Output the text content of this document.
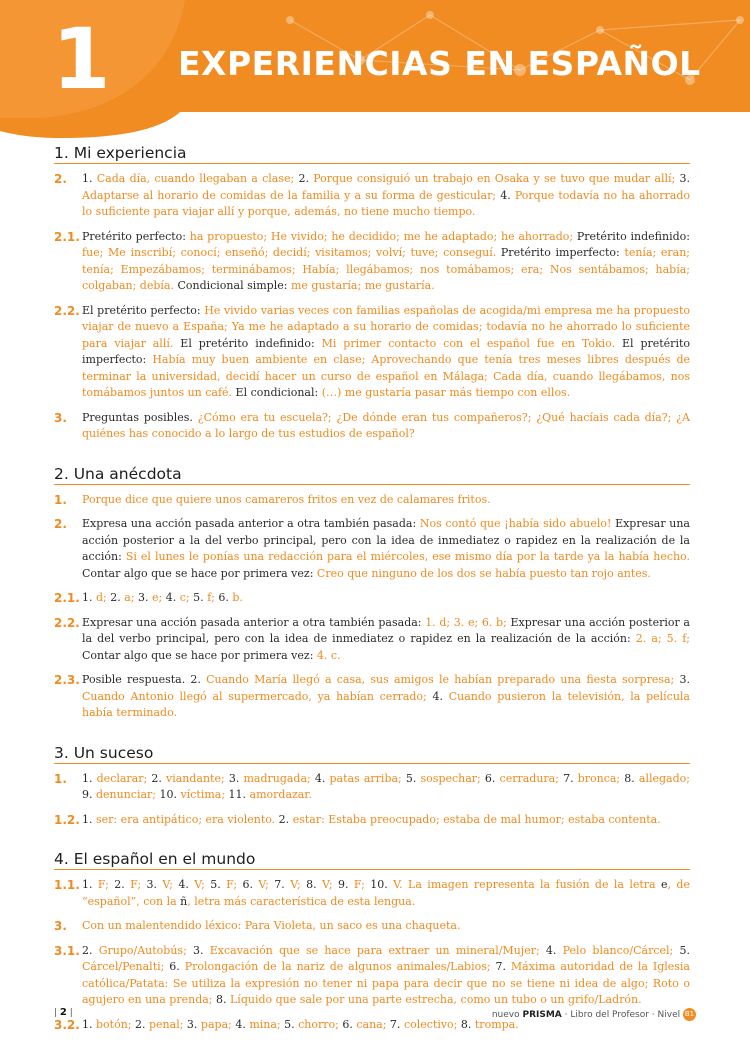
1 EXPERIENCIAS EN ESPAÑOL
1. Mi experiencia
2.	1. Cada día, cuando llegaban a clase; 2. Porque consiguió un trabajo en Osaka y se tuvo que mudar allí; 3. Adaptarse al horario de comidas de la familia y a su forma de gesticular; 4. Porque todavía no ha ahorrado lo suficiente para viajar allí y porque, además, no tiene mucho tiempo.
2.1. Pretérito perfecto: ha propuesto; He vivido; he decidido; me he adaptado; he ahorrado; Pretérito indefinido: fue; Me inscribí; conocí; enseñó; decidí; visitamos; volví; tuve; conseguí. Pretérito imperfecto: tenía; eran; tenía; Empezábamos; terminábamos; Había; llegábamos; nos tomábamos; era; Nos sentábamos; había; colgaban; debía. Condicional simple: me gustaría; me gustaría.
2.2. El pretérito perfecto: He vivido varias veces con familias españolas de acogida/mi empresa me ha propuesto viajar de nuevo a España; Ya me he adaptado a su horario de comidas; todavía no he ahorrado lo suficiente para viajar allí. El pretérito indefinido: Mi primer contacto con el español fue en Tokio. El pretérito imperfecto: Había muy buen ambiente en clase; Aprovechando que tenía tres meses libres después de terminar la universidad, decidí hacer un curso de español en Málaga; Cada día, cuando llegábamos, nos tomábamos juntos un café. El condicional: (…) me gustaría pasar más tiempo con ellos.
3.	Preguntas posibles. ¿Cómo era tu escuela?; ¿De dónde eran tus compañeros?; ¿Qué hacíais cada día?; ¿A quiénes has conocido a lo largo de tus estudios de español?
2. Una anécdota
1.	Porque dice que quiere unos camareros fritos en vez de calamares fritos.
2.	Expresa una acción pasada anterior a otra también pasada: Nos contó que ¡había sido abuelo! Expresar una acción posterior a la del verbo principal, pero con la idea de inmediatez o rapidez en la realización de la acción: Si el lunes le ponías una redacción para el miércoles, ese mismo día por la tarde ya la había hecho. Contar algo que se hace por primera vez: Creo que ninguno de los dos se había puesto tan rojo antes.
2.1. 1. d; 2. a; 3. e; 4. c; 5. f; 6. b.
2.2. Expresar una acción pasada anterior a otra también pasada: 1. d; 3. e; 6. b; Expresar una acción posterior a la del verbo principal, pero con la idea de inmediatez o rapidez en la realización de la acción: 2. a; 5. f; Contar algo que se hace por primera vez: 4. c.
2.3. Posible respuesta. 2. Cuando María llegó a casa, sus amigos le habían preparado una fiesta sorpresa; 3. Cuando Antonio llegó al supermercado, ya habían cerrado; 4. Cuando pusieron la televisión, la película había terminado.
3. Un suceso
1.	1. declarar; 2. viandante; 3. madrugada; 4. patas arriba; 5. sospechar; 6. cerradura; 7. bronca; 8. allegado; 9. denunciar; 10. víctima; 11. amordazar.
1.2. 1. ser: era antipático; era violento. 2. estar: Estaba preocupado; estaba de mal humor; estaba contenta.
4. El español en el mundo
1.1. 1. F; 2. F; 3. V; 4. V; 5. F; 6. V; 7. V; 8. V; 9. F; 10. V. La imagen representa la fusión de la letra e, de “español”, con la ñ, letra más característica de esta lengua.
3.	Con un malentendido léxico: Para Violeta, un saco es una chaqueta.
3.1. 2. Grupo/Autobús; 3. Excavación que se hace para extraer un mineral/Mujer; 4. Pelo blanco/Cárcel; 5. Cárcel/Penalti; 6. Prolongación de la nariz de algunos animales/Labios; 7. Máxima autoridad de la Iglesia católica/Patata: Se utiliza la expresión no tener ni papa para decir que no se tiene ni idea de algo; Roto o agujero en una prenda; 8. Líquido que sale por una parte estrecha, como un tubo o un grifo/Ladrón.
3.2. 1. botón; 2. penal; 3. papa; 4. mina; 5. chorro; 6. cana; 7. colectivo; 8. trompa.
| 2 |	nuevo PRISMA · Libro del Profesor · Nivel B1
